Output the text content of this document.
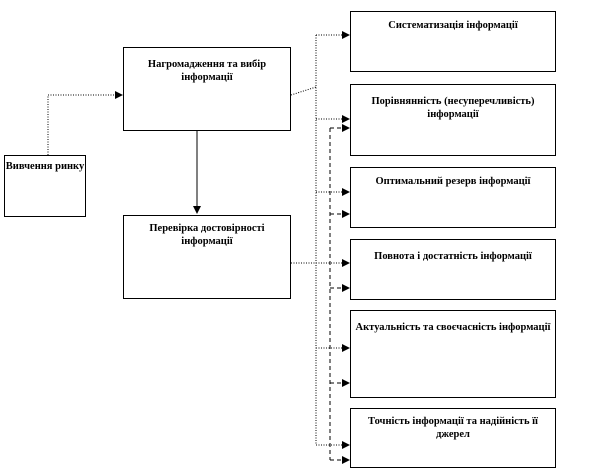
Вивчення ринку
Нагромадження та вибір інформації
Перевірка достовірності інформації
Систематизація інформації
Порівнянність (несуперечливість) інформації
Оптимальний резерв інформації
Повнота і достатність інформації
Актуальність та своєчасність інформації
Точність інформації та надійність її джерел
